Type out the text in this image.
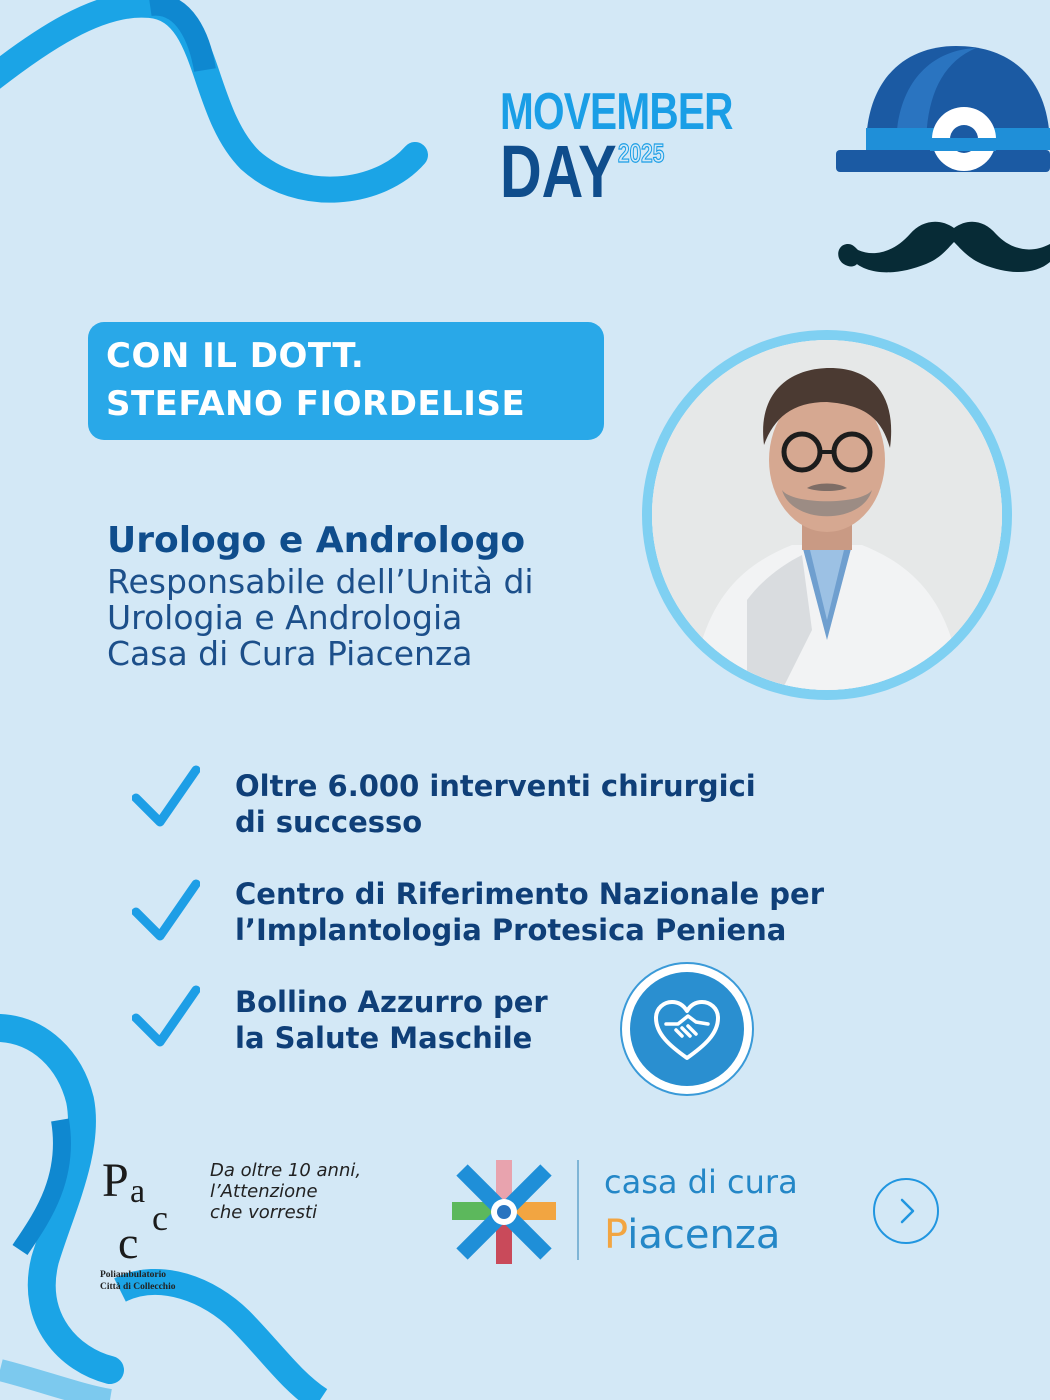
MOVEMBER
DAY 2025
CON IL DOTT.
STEFANO FIORDELISE
Urologo e Andrologo
Responsabile dell’Unità di
Urologia e Andrologia
Casa di Cura Piacenza
Oltre 6.000 interventi chirurgici
di successo
Centro di Riferimento Nazionale per
l’Implantologia Protesica Peniena
Bollino Azzurro per
la Salute Maschile
P a
c
c
Poliambulatorio
Città di Collecchio
Da oltre 10 anni,
l’Attenzione
che vorresti
casa di cura
Piacenza
